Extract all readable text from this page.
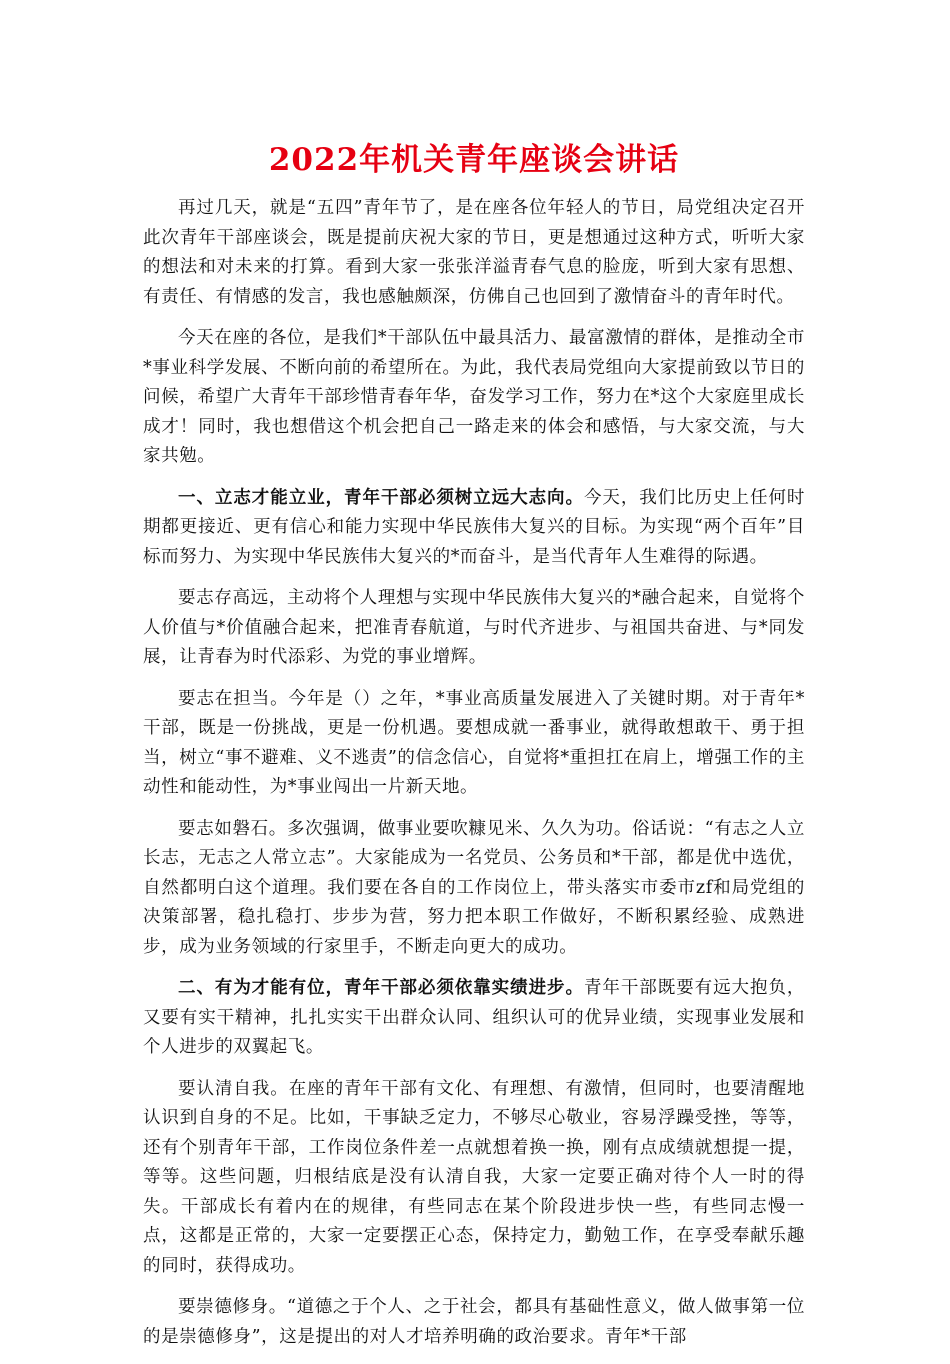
2022年机关青年座谈会讲话

再过几天，就是“五四”青年节了，是在座各位年轻人的节日，局党组决定召开此次青年干部座谈会，既是提前庆祝大家的节日，更是想通过这种方式，听听大家的想法和对未来的打算。看到大家一张张洋溢青春气息的脸庞，听到大家有思想、有责任、有情感的发言，我也感触颇深，仿佛自己也回到了激情奋斗的青年时代。

今天在座的各位，是我们*干部队伍中最具活力、最富激情的群体，是推动全市*事业科学发展、不断向前的希望所在。为此，我代表局党组向大家提前致以节日的问候，希望广大青年干部珍惜青春年华，奋发学习工作，努力在*这个大家庭里成长成才！同时，我也想借这个机会把自己一路走来的体会和感悟，与大家交流，与大家共勉。

一、立志才能立业，青年干部必须树立远大志向。今天，我们比历史上任何时期都更接近、更有信心和能力实现中华民族伟大复兴的目标。为实现“两个百年”目标而努力、为实现中华民族伟大复兴的*而奋斗，是当代青年人生难得的际遇。

要志存高远，主动将个人理想与实现中华民族伟大复兴的*融合起来，自觉将个人价值与*价值融合起来，把准青春航道，与时代齐进步、与祖国共奋进、与*同发展，让青春为时代添彩、为党的事业增辉。

要志在担当。今年是（）之年，*事业高质量发展进入了关键时期。对于青年*干部，既是一份挑战，更是一份机遇。要想成就一番事业，就得敢想敢干、勇于担当，树立“事不避难、义不逃责”的信念信心，自觉将*重担扛在肩上，增强工作的主动性和能动性，为*事业闯出一片新天地。

要志如磐石。多次强调，做事业要吹糠见米、久久为功。俗话说：“有志之人立长志，无志之人常立志”。大家能成为一名党员、公务员和*干部，都是优中选优，自然都明白这个道理。我们要在各自的工作岗位上，带头落实市委市zf和局党组的决策部署，稳扎稳打、步步为营，努力把本职工作做好，不断积累经验、成熟进步，成为业务领域的行家里手，不断走向更大的成功。

二、有为才能有位，青年干部必须依靠实绩进步。青年干部既要有远大抱负，又要有实干精神，扎扎实实干出群众认同、组织认可的优异业绩，实现事业发展和个人进步的双翼起飞。

要认清自我。在座的青年干部有文化、有理想、有激情，但同时，也要清醒地认识到自身的不足。比如，干事缺乏定力，不够尽心敬业，容易浮躁受挫，等等，还有个别青年干部，工作岗位条件差一点就想着换一换，刚有点成绩就想提一提，等等。这些问题，归根结底是没有认清自我，大家一定要正确对待个人一时的得失。干部成长有着内在的规律，有些同志在某个阶段进步快一些，有些同志慢一点，这都是正常的，大家一定要摆正心态，保持定力，勤勉工作，在享受奉献乐趣的同时，获得成功。

要崇德修身。“道德之于个人、之于社会，都具有基础性意义，做人做事第一位的是崇德修身”，这是提出的对人才培养明确的政治要求。青年*干部
